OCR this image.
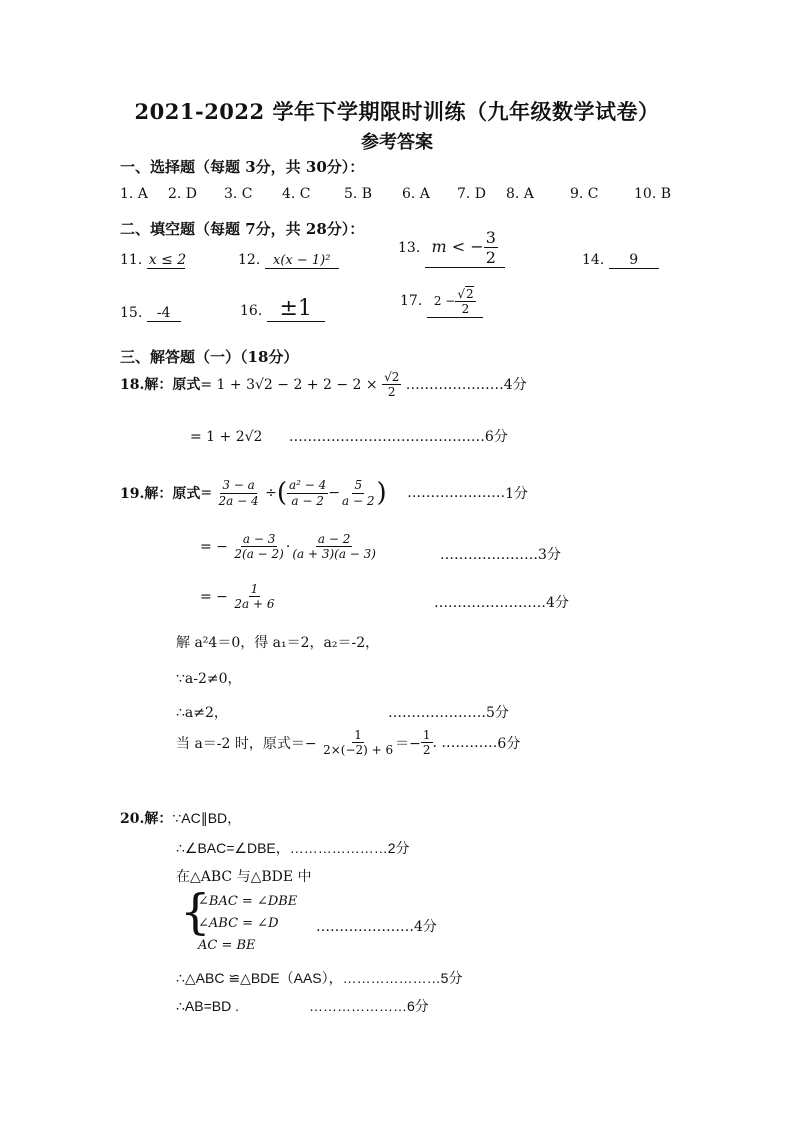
2021-2022 学年下学期限时训练（九年级数学试卷）
参考答案
一、选择题（每题 3分，共 30分）：
1. A 2. D 3. C 4. C 5. B 6. A 7. D 8. A	9. C	10. B
二、填空题（每题 7分，共 28分）：
11. x ≤ 2	12. x(x − 1)²
13. m < − $\frac{3}{2}$	14. 9
15. -4	16. ±1	17. $2 - \frac{√2}{2}$
三、解答题（一）（18分）
18.解：原式= $1 + 3√2 - 2 + 2 - 2 \times \frac{√2}{2}$ …………………4分
= 1 + 2√2 ……………………………………6分
19.解：原式= $\frac{3 - a}{2a - 4}$ ÷( $\frac{\text{a² − 4}}{a - 2} - \frac{5}{a - 2}$ ) …………………1分
= − $\frac{a - 3}{2(a - 2)} \cdot \frac{a - 2}{(a + 3)(a - 3)}$	…………………3分
= − $\frac{1}{2a + 6}$	……………………4分
解 a²4＝0，得 a₁＝2，a₂＝-2，
∵a-2≠0，
∴a≠2，	…………………5分
当 a＝-2 时，原式＝− $\frac{1}{2\times(-2) + 6} =- \frac{1}{2}$ . …………6分
20.解：∵AC∥BD，
∴∠BAC=∠DBE，…………………2分
在△ABC 与△BDE 中
{
∠BAC = ∠DBE
∠ABC = ∠D
AC = BE
…………………4分
∴△ABC ≌△BDE（AAS），…………………5分
∴AB=BD .	…………………6分
